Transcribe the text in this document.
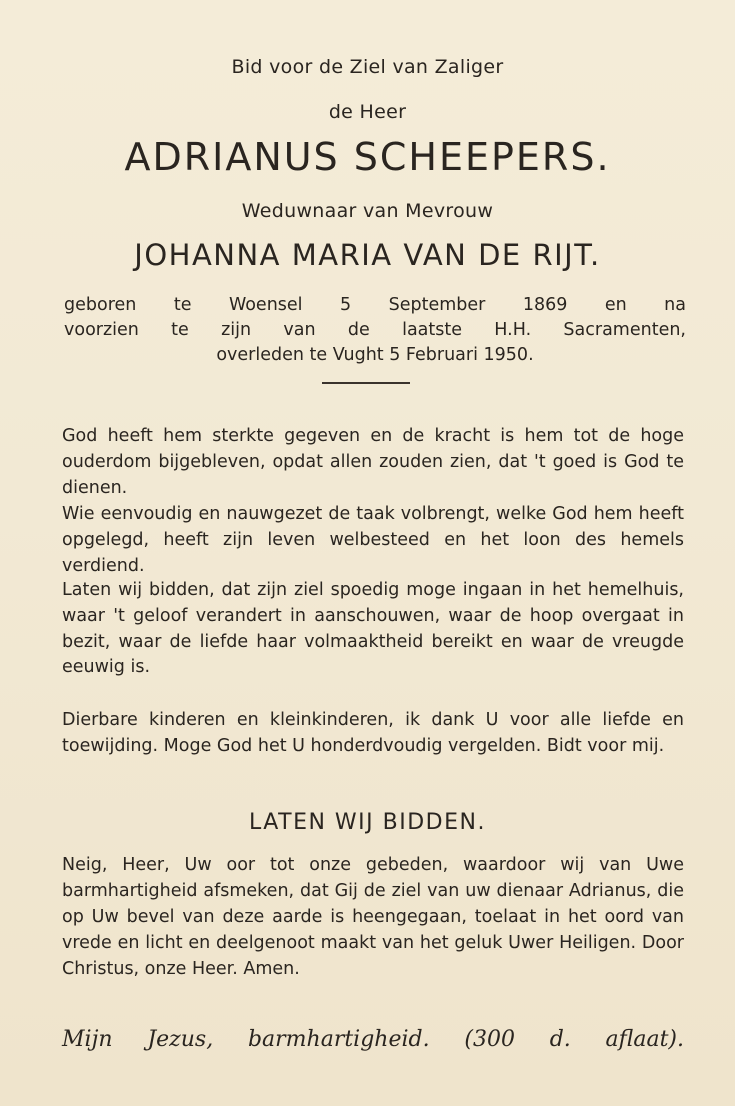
Bid voor de Ziel van Zaliger

de Heer

ADRIANUS SCHEEPERS.

Weduwnaar van Mevrouw

JOHANNA MARIA VAN DE RIJT.

geboren te Woensel 5 September 1869 en na
voorzien te zijn van de laatste H.H. Sacramenten,
overleden te Vught 5 Februari 1950.
God heeft hem sterkte gegeven en de kracht is hem tot de hoge ouderdom bijgebleven, opdat allen zouden zien, dat 't goed is God te dienen.
Wie eenvoudig en nauwgezet de taak volbrengt, welke God hem heeft opgelegd, heeft zijn leven welbesteed en het loon des hemels verdiend.
Laten wij bidden, dat zijn ziel spoedig moge ingaan in het hemelhuis, waar 't geloof verandert in aanschouwen, waar de hoop overgaat in bezit, waar de liefde haar volmaaktheid bereikt en waar de vreugde eeuwig is.
Dierbare kinderen en kleinkinderen, ik dank U voor alle liefde en toewijding. Moge God het U honderdvoudig vergelden. Bidt voor mij.

LATEN WIJ BIDDEN.

Neig, Heer, Uw oor tot onze gebeden, waardoor wij van Uwe barmhartigheid afsmeken, dat Gij de ziel van uw dienaar Adrianus, die op Uw bevel van deze aarde is heengegaan, toelaat in het oord van vrede en licht en deelgenoot maakt van het geluk Uwer Heiligen. Door Christus, onze Heer. Amen.
Mijn Jezus, barmhartigheid. (300 d. aflaat).
